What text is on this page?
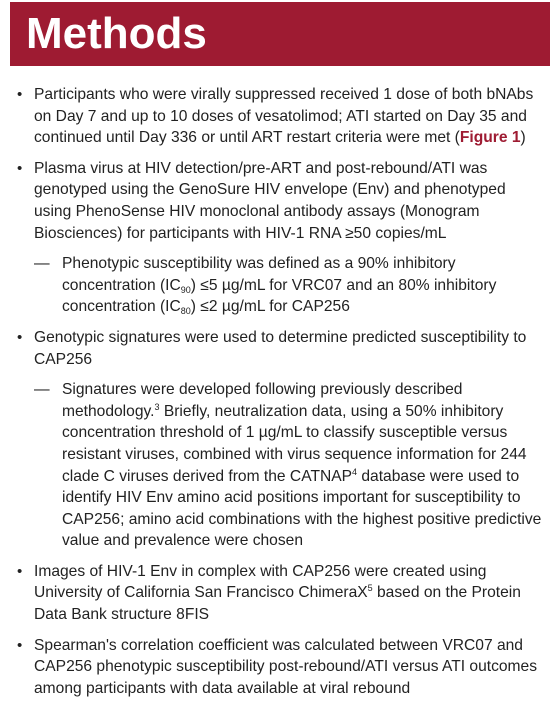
Methods
• Participants who were virally suppressed received 1 dose of both bNAbs on Day 7 and up to 10 doses of vesatolimod; ATI started on Day 35 and continued until Day 336 or until ART restart criteria were met (Figure 1)
• Plasma virus at HIV detection/pre-ART and post-rebound/ATI was genotyped using the GenoSure HIV envelope (Env) and phenotyped using PhenoSense HIV monoclonal antibody assays (Monogram Biosciences) for participants with HIV-1 RNA ≥50 copies/mL
— Phenotypic susceptibility was defined as a 90% inhibitory concentration $(IC_{90}) \le 5$ µg/mL for VRC07 and an 80% inhibitory concentration $(IC_{80}) \le 2$ µg/mL for CAP256
• Genotypic signatures were used to determine predicted susceptibility to CAP256
— Signatures were developed following previously described methodology.$^3$ Briefly, neutralization data, using a 50% inhibitory concentration threshold of 1 µg/mL to classify susceptible versus resistant viruses, combined with virus sequence information for 244 clade C viruses derived from the CATNAP$^4$ database were used to identify HIV Env amino acid positions important for susceptibility to CAP256; amino acid combinations with the highest positive predictive value and prevalence were chosen
• Images of HIV-1 Env in complex with CAP256 were created using University of California San Francisco ChimeraX$^5$ based on the Protein Data Bank structure 8FIS
• Spearman's correlation coefficient was calculated between VRC07 and CAP256 phenotypic susceptibility post-rebound/ATI versus ATI outcomes among participants with data available at viral rebound
